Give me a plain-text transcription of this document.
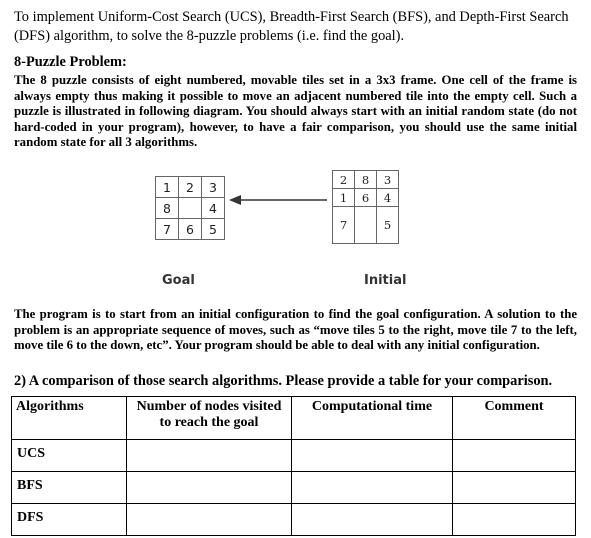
To implement Uniform-Cost Search (UCS), Breadth-First Search (BFS), and Depth-First Search (DFS) algorithm, to solve the 8-puzzle problems (i.e. find the goal).
8-Puzzle Problem:
The 8 puzzle consists of eight numbered, movable tiles set in a 3x3 frame. One cell of the frame is always empty thus making it possible to move an adjacent numbered tile into the empty cell. Such a puzzle is illustrated in following diagram. You should always start with an initial random state (do not hard-coded in your program), however, to have a fair comparison, you should use the same initial random state for all 3 algorithms.
1	2	3
8		4
7	6	5
2	8	3
1	6	4
7		5
Goal	Initial
The program is to start from an initial configuration to find the goal configuration. A solution to the problem is an appropriate sequence of moves, such as “move tiles 5 to the right, move tile 7 to the left, move tile 6 to the down, etc”. Your program should be able to deal with any initial configuration.
2) A comparison of those search algorithms. Please provide a table for your comparison.
Algorithms	Number of nodes visited to reach the goal	Computational time	Comment
UCS			
BFS			
DFS			
